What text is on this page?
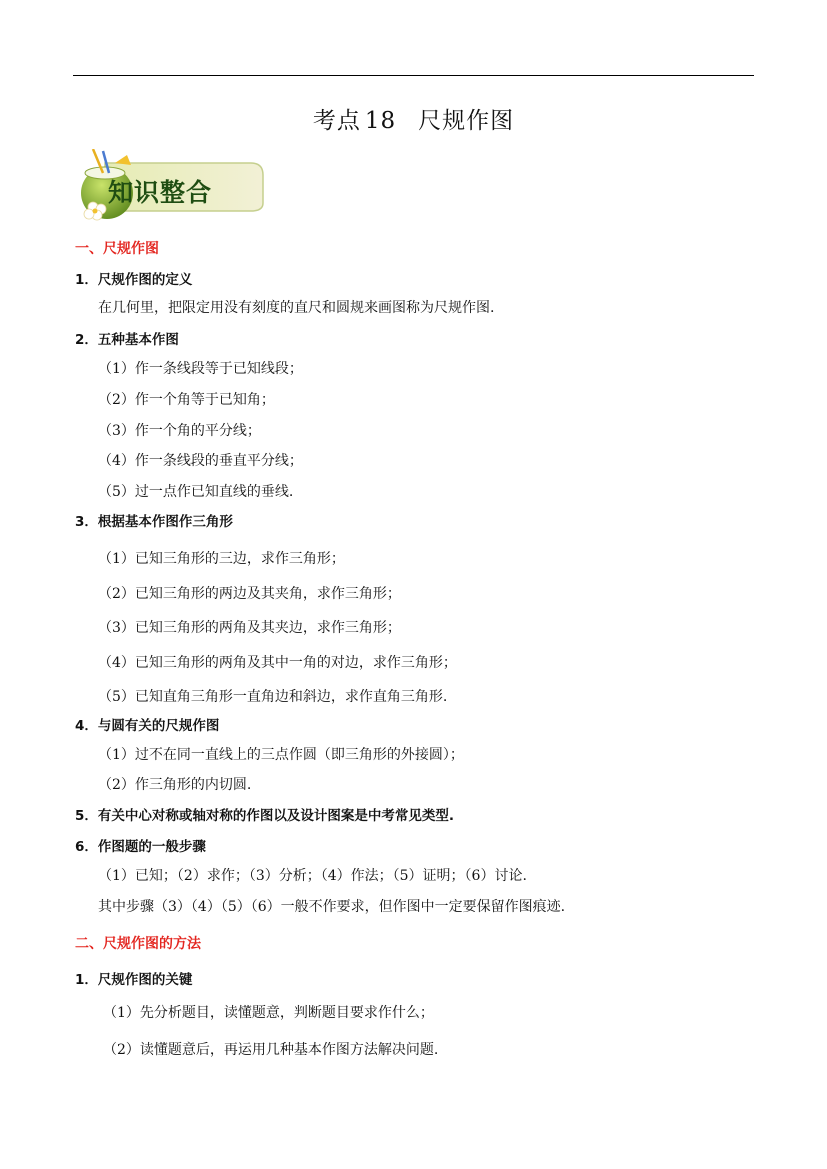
考点 18 尺规作图
知识整合
一、尺规作图
1．尺规作图的定义
在几何里，把限定用没有刻度的直尺和圆规来画图称为尺规作图.
2．五种基本作图
（1）作一条线段等于已知线段；
（2）作一个角等于已知角；
（3）作一个角的平分线；
（4）作一条线段的垂直平分线；
（5）过一点作已知直线的垂线.
3．根据基本作图作三角形
（1）已知三角形的三边，求作三角形；
（2）已知三角形的两边及其夹角，求作三角形；
（3）已知三角形的两角及其夹边，求作三角形；
（4）已知三角形的两角及其中一角的对边，求作三角形；
（5）已知直角三角形一直角边和斜边，求作直角三角形.
4．与圆有关的尺规作图
（1）过不在同一直线上的三点作圆（即三角形的外接圆）；
（2）作三角形的内切圆.
5．有关中心对称或轴对称的作图以及设计图案是中考常见类型.
6．作图题的一般步骤
（1）已知；（2）求作；（3）分析；（4）作法；（5）证明；（6）讨论.
其中步骤（3）（4）（5）（6）一般不作要求，但作图中一定要保留作图痕迹.
二、尺规作图的方法
1．尺规作图的关键
（1）先分析题目，读懂题意，判断题目要求作什么；
（2）读懂题意后，再运用几种基本作图方法解决问题.
